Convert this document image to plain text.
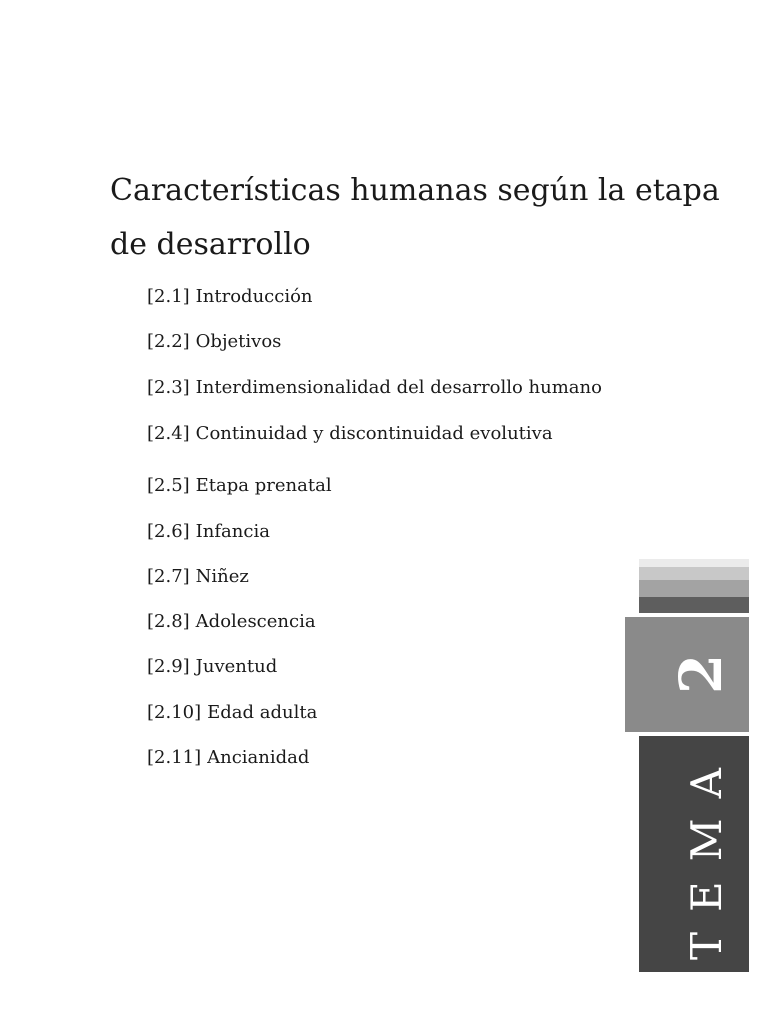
Características humanas según la etapa de desarrollo
[2.1] Introducción
[2.2] Objetivos
[2.3] Interdimensionalidad del desarrollo humano
[2.4] Continuidad y discontinuidad evolutiva
[2.5] Etapa prenatal
[2.6] Infancia
[2.7] Niñez
[2.8] Adolescencia
[2.9] Juventud
[2.10] Edad adulta
[2.11] Ancianidad
2
TEMA
